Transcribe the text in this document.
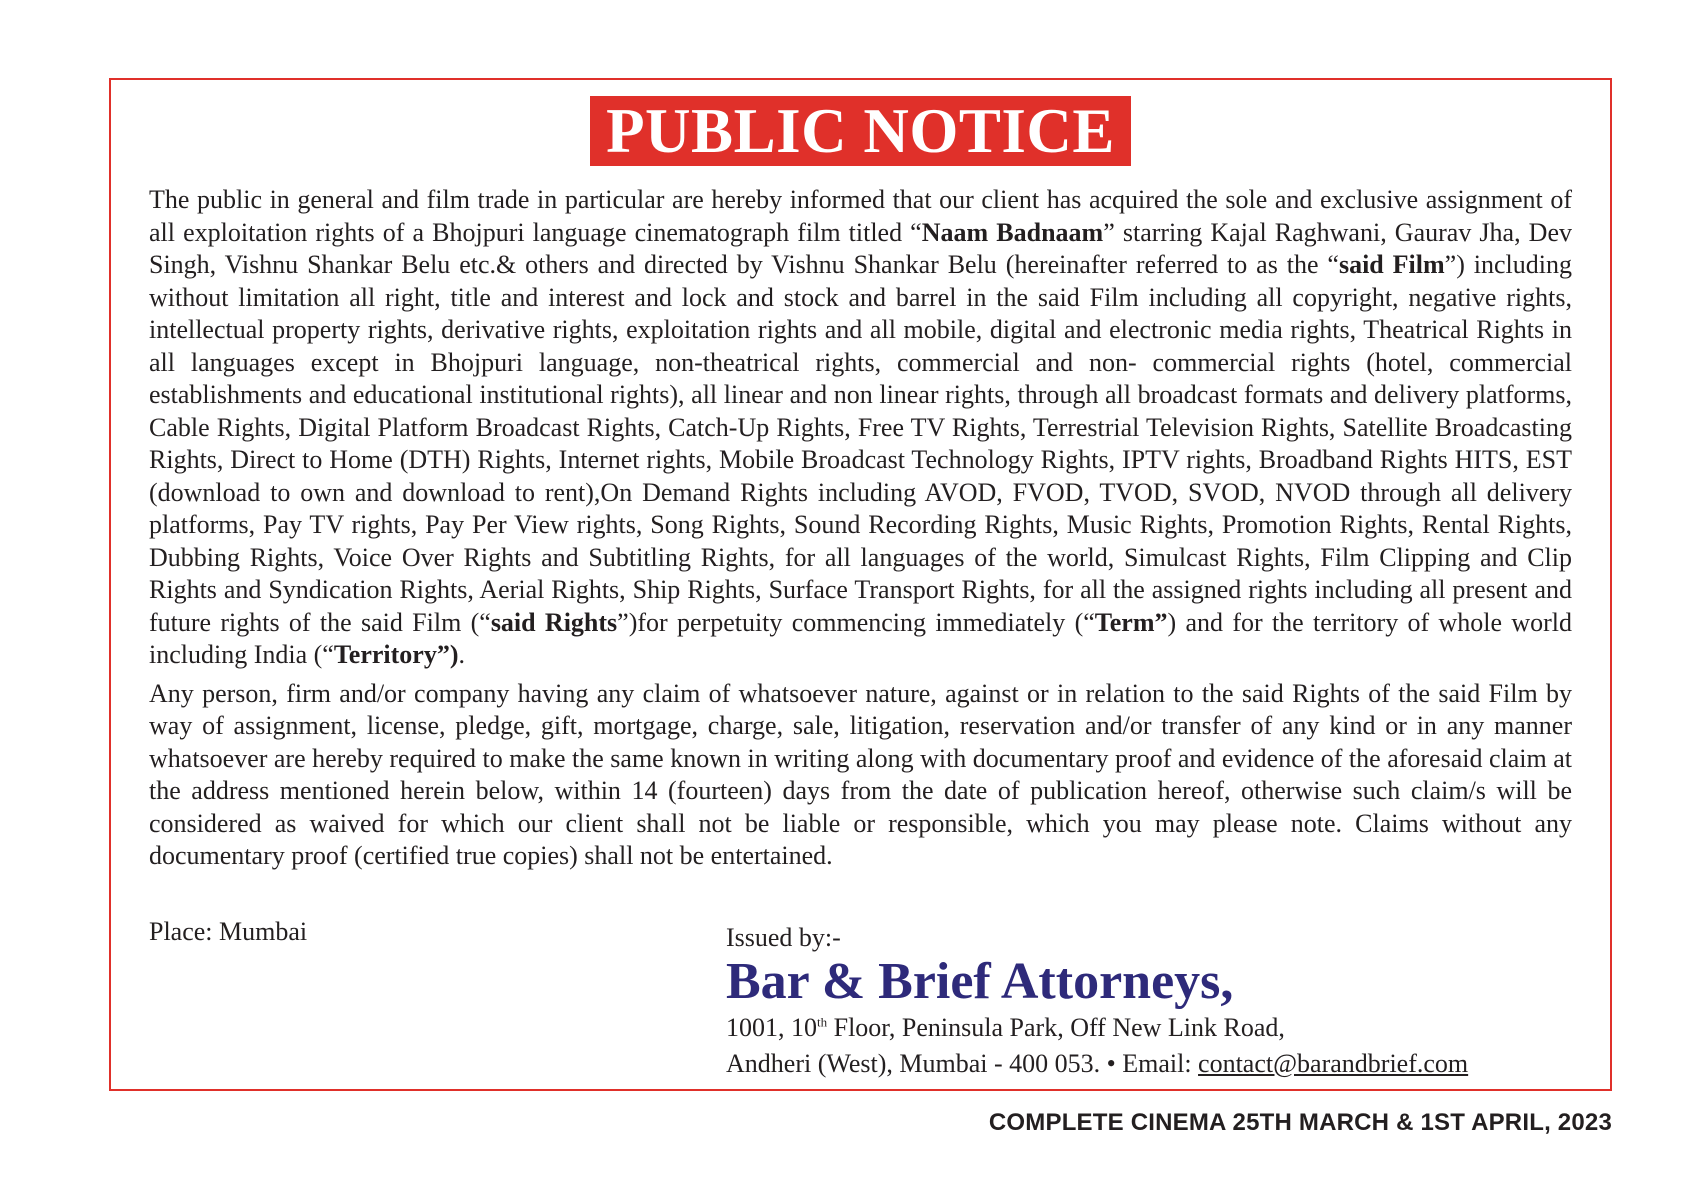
PUBLIC NOTICE

The public in general and film trade in particular are hereby informed that our client has acquired the sole and exclusive assignment of all exploitation rights of a Bhojpuri language cinematograph film titled “Naam Badnaam” starring Kajal Raghwani, Gaurav Jha, Dev Singh, Vishnu Shankar Belu etc.& others and directed by Vishnu Shankar Belu (hereinafter referred to as the “said Film”) including without limitation all right, title and interest and lock and stock and barrel in the said Film including all copyright, negative rights, intellectual property rights, derivative rights, exploitation rights and all mobile, digital and electronic media rights, Theatrical Rights in all languages except in Bhojpuri language, non-theatrical rights, commercial and non- commercial rights (hotel, commercial establishments and educational institutional rights), all linear and non linear rights, through all broadcast formats and delivery platforms, Cable Rights, Digital Platform Broadcast Rights, Catch-Up Rights, Free TV Rights, Terrestrial Television Rights, Satellite Broadcasting Rights, Direct to Home (DTH) Rights, Internet rights, Mobile Broadcast Technology Rights, IPTV rights, Broadband Rights HITS, EST (download to own and download to rent),On Demand Rights including AVOD, FVOD, TVOD, SVOD, NVOD through all delivery platforms, Pay TV rights, Pay Per View rights, Song Rights, Sound Recording Rights, Music Rights, Promotion Rights, Rental Rights, Dubbing Rights, Voice Over Rights and Subtitling Rights, for all languages of the world, Simulcast Rights, Film Clipping and Clip Rights and Syndication Rights, Aerial Rights, Ship Rights, Surface Transport Rights, for all the assigned rights including all present and future rights of the said Film (“said Rights”)for perpetuity commencing immediately (“Term”) and for the territory of whole world including India (“Territory”).

Any person, firm and/or company having any claim of whatsoever nature, against or in relation to the said Rights of the said Film by way of assignment, license, pledge, gift, mortgage, charge, sale, litigation, reservation and/or transfer of any kind or in any manner whatsoever are hereby required to make the same known in writing along with documentary proof and evidence of the aforesaid claim at the address mentioned herein below, within 14 (fourteen) days from the date of publication hereof, otherwise such claim/s will be considered as waived for which our client shall not be liable or responsible, which you may please note. Claims without any documentary proof (certified true copies) shall not be entertained.

Place: Mumbai	Issued by:-
Bar & Brief Attorneys,
1001, 10th Floor, Peninsula Park, Off New Link Road,
Andheri (West), Mumbai - 400 053. • Email: contact@barandbrief.com
COMPLETE CINEMA 25TH MARCH & 1ST APRIL, 2023
